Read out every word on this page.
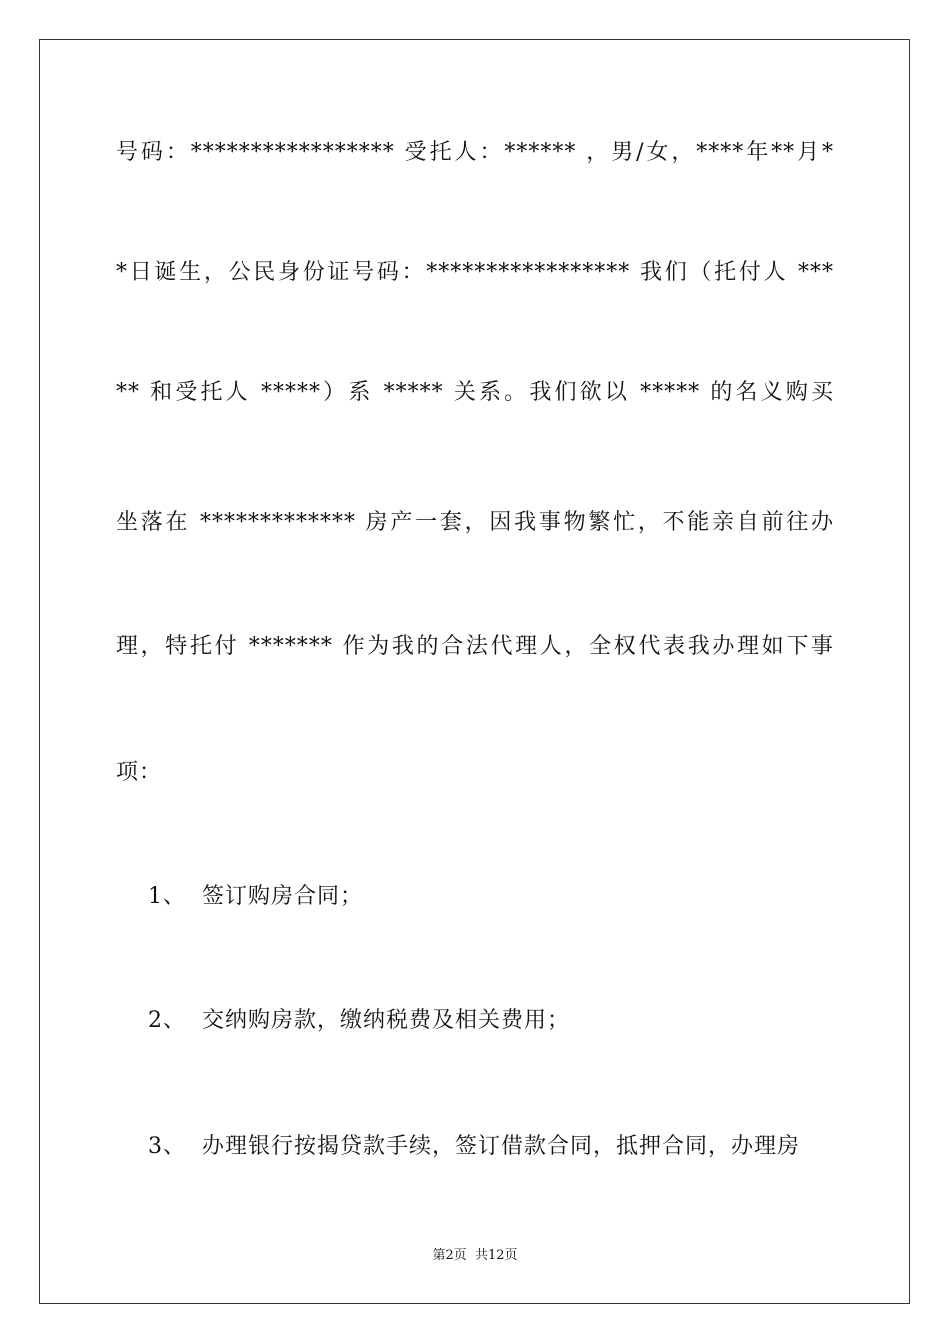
号码：***************** 受托人：****** ，男/女，****年**月*
*日诞生，公民身份证号码：***************** 我们（托付人 ***
** 和受托人 *****）系 ***** 关系。我们欲以 ***** 的名义购买
坐落在 ************* 房产一套，因我事物繁忙，不能亲自前往办
理，特托付 ******* 作为我的合法代理人，全权代表我办理如下事
项：
1、  签订购房合同；
2、  交纳购房款，缴纳税费及相关费用；
3、  办理银行按揭贷款手续，签订借款合同，抵押合同，办理房
第2页 共12页
